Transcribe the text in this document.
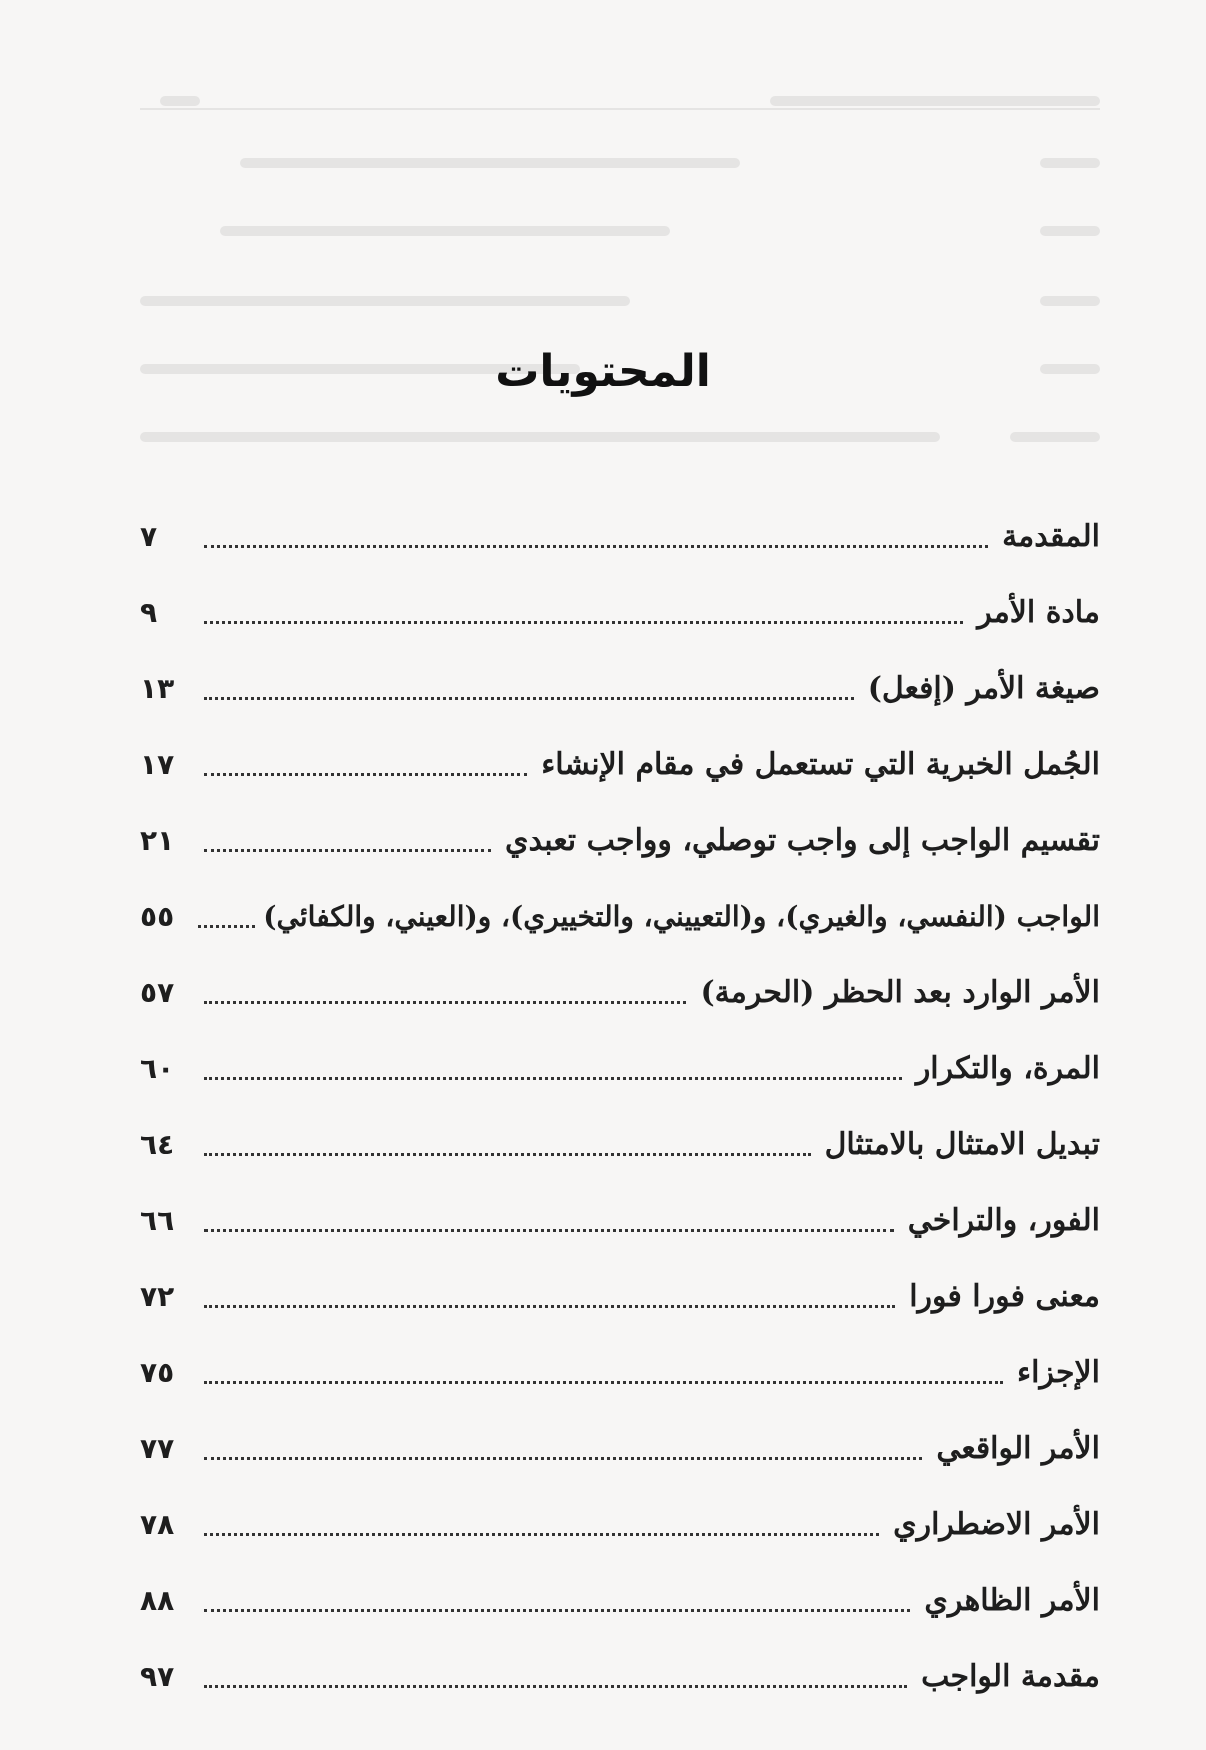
المحتويات
المقدمة
٧
مادة الأمر
٩
صيغة الأمر (إفعل)
١٣
الجُمل الخبرية التي تستعمل في مقام الإنشاء
١٧
تقسيم الواجب إلى واجب توصلي، وواجب تعبدي
٢١
الواجب (النفسي، والغيري)، و(التعييني، والتخييري)، و(العيني، والكفائي)
٥٥
الأمر الوارد بعد الحظر (الحرمة)
٥٧
المرة، والتكرار
٦٠
تبديل الامتثال بالامتثال
٦٤
الفور، والتراخي
٦٦
معنى فورا فورا
٧٢
الإجزاء
٧٥
الأمر الواقعي
٧٧
الأمر الاضطراري
٧٨
الأمر الظاهري
٨٨
مقدمة الواجب
٩٧
